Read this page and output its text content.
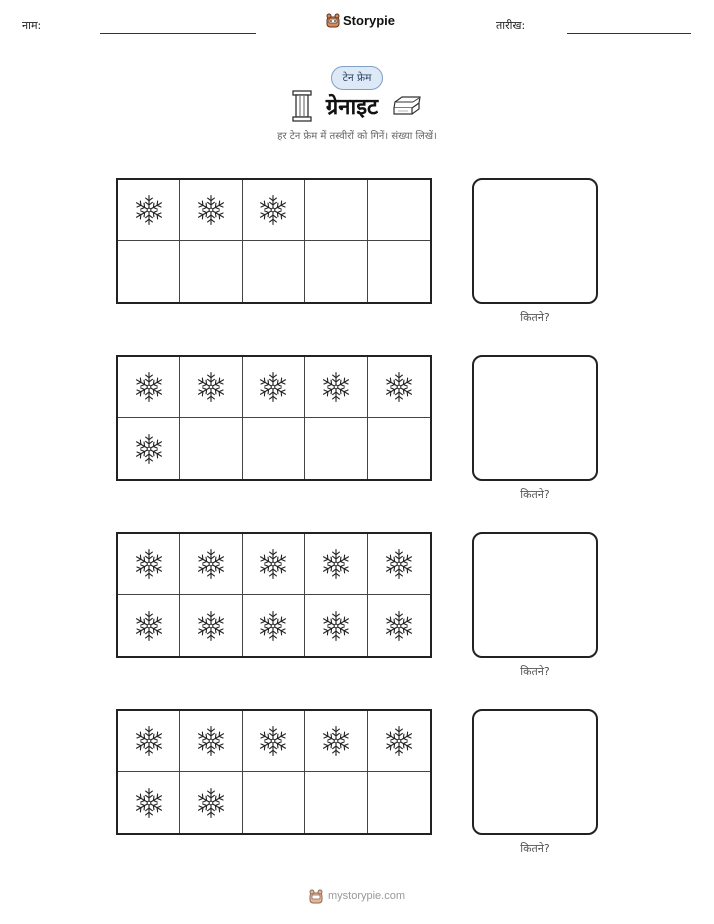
नाम:	Storypie	तारीख:
टेन फ्रेम
ग्रेनाइट
हर टेन फ्रेम में तस्वीरों को गिनें। संख्या लिखें।
कितने?
कितने?
कितने?
कितने?
mystorypie.com
